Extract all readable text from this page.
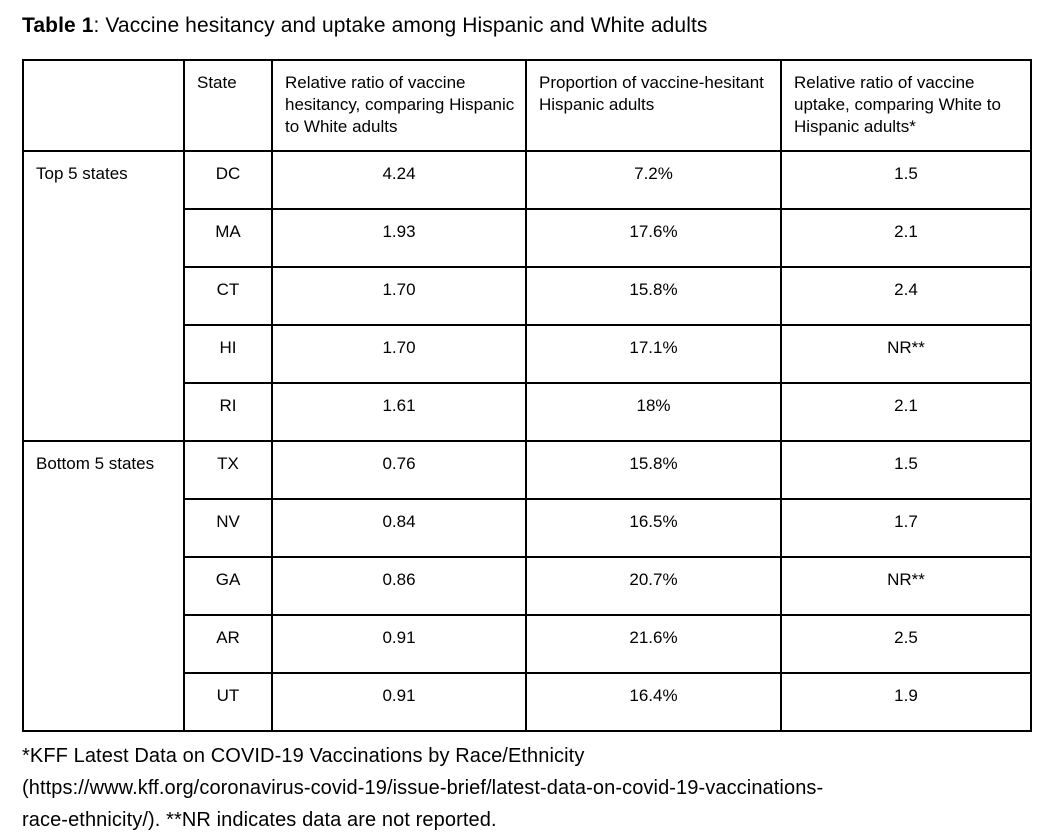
Table 1: Vaccine hesitancy and uptake among Hispanic and White adults
	State	Relative ratio of vaccine hesitancy, comparing Hispanic to White adults	Proportion of vaccine-hesitant Hispanic adults	Relative ratio of vaccine uptake, comparing White to Hispanic adults*
Top 5 states	DC	4.24	7.2%	1.5
	MA	1.93	17.6%	2.1
	CT	1.70	15.8%	2.4
	HI	1.70	17.1%	NR**
	RI	1.61	18%	2.1
Bottom 5 states	TX	0.76	15.8%	1.5
	NV	0.84	16.5%	1.7
	GA	0.86	20.7%	NR**
	AR	0.91	21.6%	2.5
	UT	0.91	16.4%	1.9
*KFF Latest Data on COVID-19 Vaccinations by Race/Ethnicity
(https://www.kff.org/coronavirus-covid-19/issue-brief/latest-data-on-covid-19-vaccinations-
race-ethnicity/). **NR indicates data are not reported.
